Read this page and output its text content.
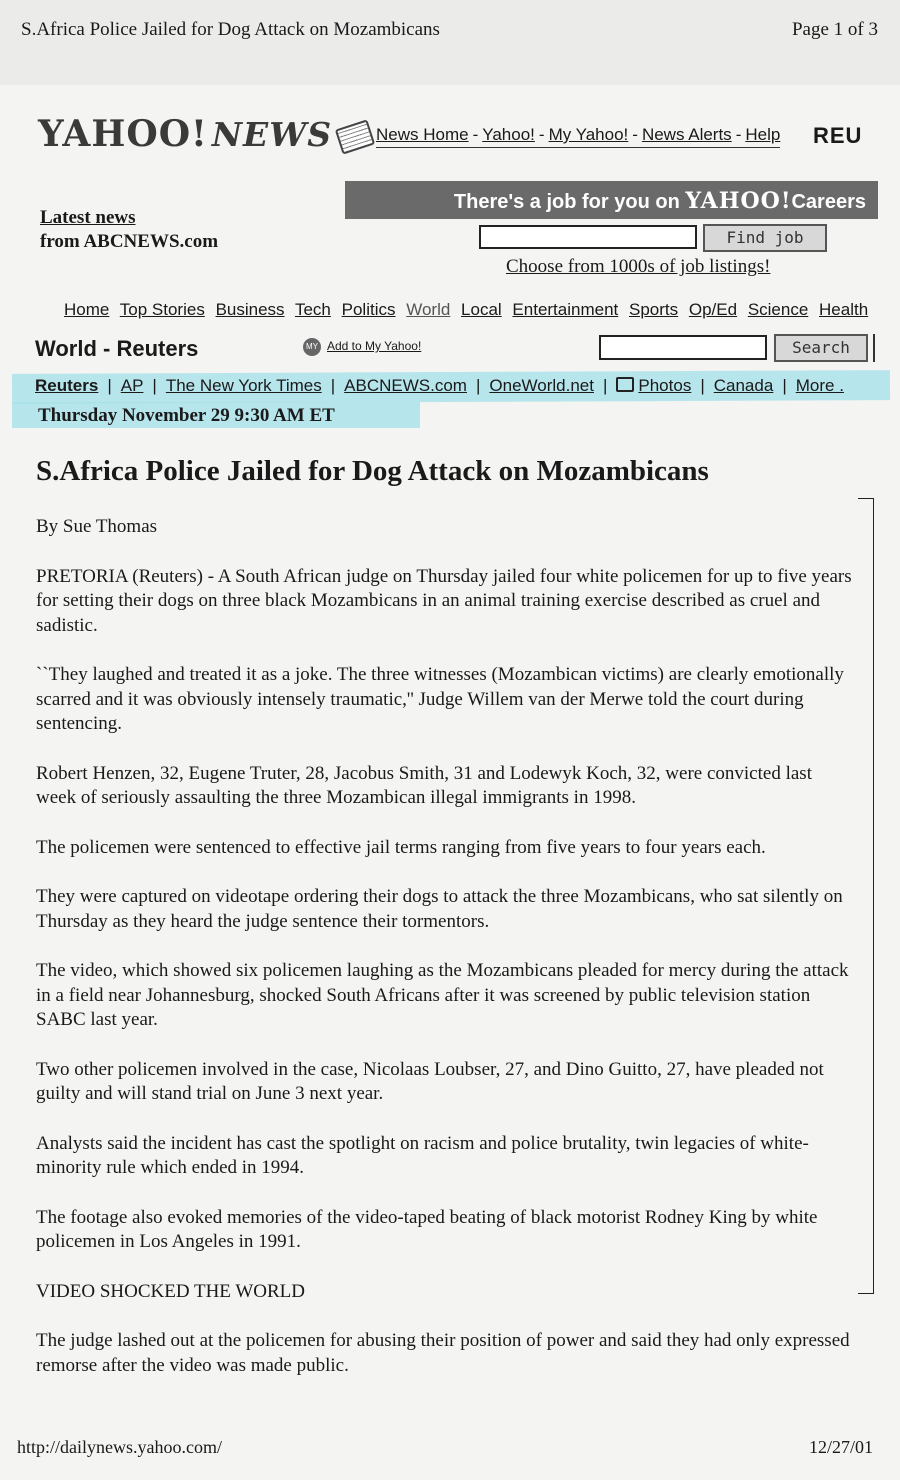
S.Africa Police Jailed for Dog Attack on Mozambicans	Page 1 of 3
YAHOO! NEWS	News Home - Yahoo! - My Yahoo! - News Alerts - Help REU
Latest news
from ABCNEWS.com
There's a job for you on YAHOO!Careers
Find job
Choose from 1000s of job listings!
Home Top Stories Business Tech Politics World Local Entertainment Sports Op/Ed Science Health
World - Reuters	MY Add to My Yahoo!	Search
Reuters | AP | The New York Times | ABCNEWS.com | OneWorld.net | Photos | Canada | More .
Thursday November 29 9:30 AM ET
S.Africa Police Jailed for Dog Attack on Mozambicans

By Sue Thomas

PRETORIA (Reuters) - A South African judge on Thursday jailed four white policemen for up to five years for setting their dogs on three black Mozambicans in an animal training exercise described as cruel and sadistic.

``They laughed and treated it as a joke. The three witnesses (Mozambican victims) are clearly emotionally scarred and it was obviously intensely traumatic,'' Judge Willem van der Merwe told the court during sentencing.

Robert Henzen, 32, Eugene Truter, 28, Jacobus Smith, 31 and Lodewyk Koch, 32, were convicted last week of seriously assaulting the three Mozambican illegal immigrants in 1998.

The policemen were sentenced to effective jail terms ranging from five years to four years each.

They were captured on videotape ordering their dogs to attack the three Mozambicans, who sat silently on Thursday as they heard the judge sentence their tormentors.

The video, which showed six policemen laughing as the Mozambicans pleaded for mercy during the attack in a field near Johannesburg, shocked South Africans after it was screened by public television station SABC last year.

Two other policemen involved in the case, Nicolaas Loubser, 27, and Dino Guitto, 27, have pleaded not guilty and will stand trial on June 3 next year.

Analysts said the incident has cast the spotlight on racism and police brutality, twin legacies of white-minority rule which ended in 1994.

The footage also evoked memories of the video-taped beating of black motorist Rodney King by white policemen in Los Angeles in 1991.

VIDEO SHOCKED THE WORLD

The judge lashed out at the policemen for abusing their position of power and said they had only expressed remorse after the video was made public.

http://dailynews.yahoo.com/	12/27/01
